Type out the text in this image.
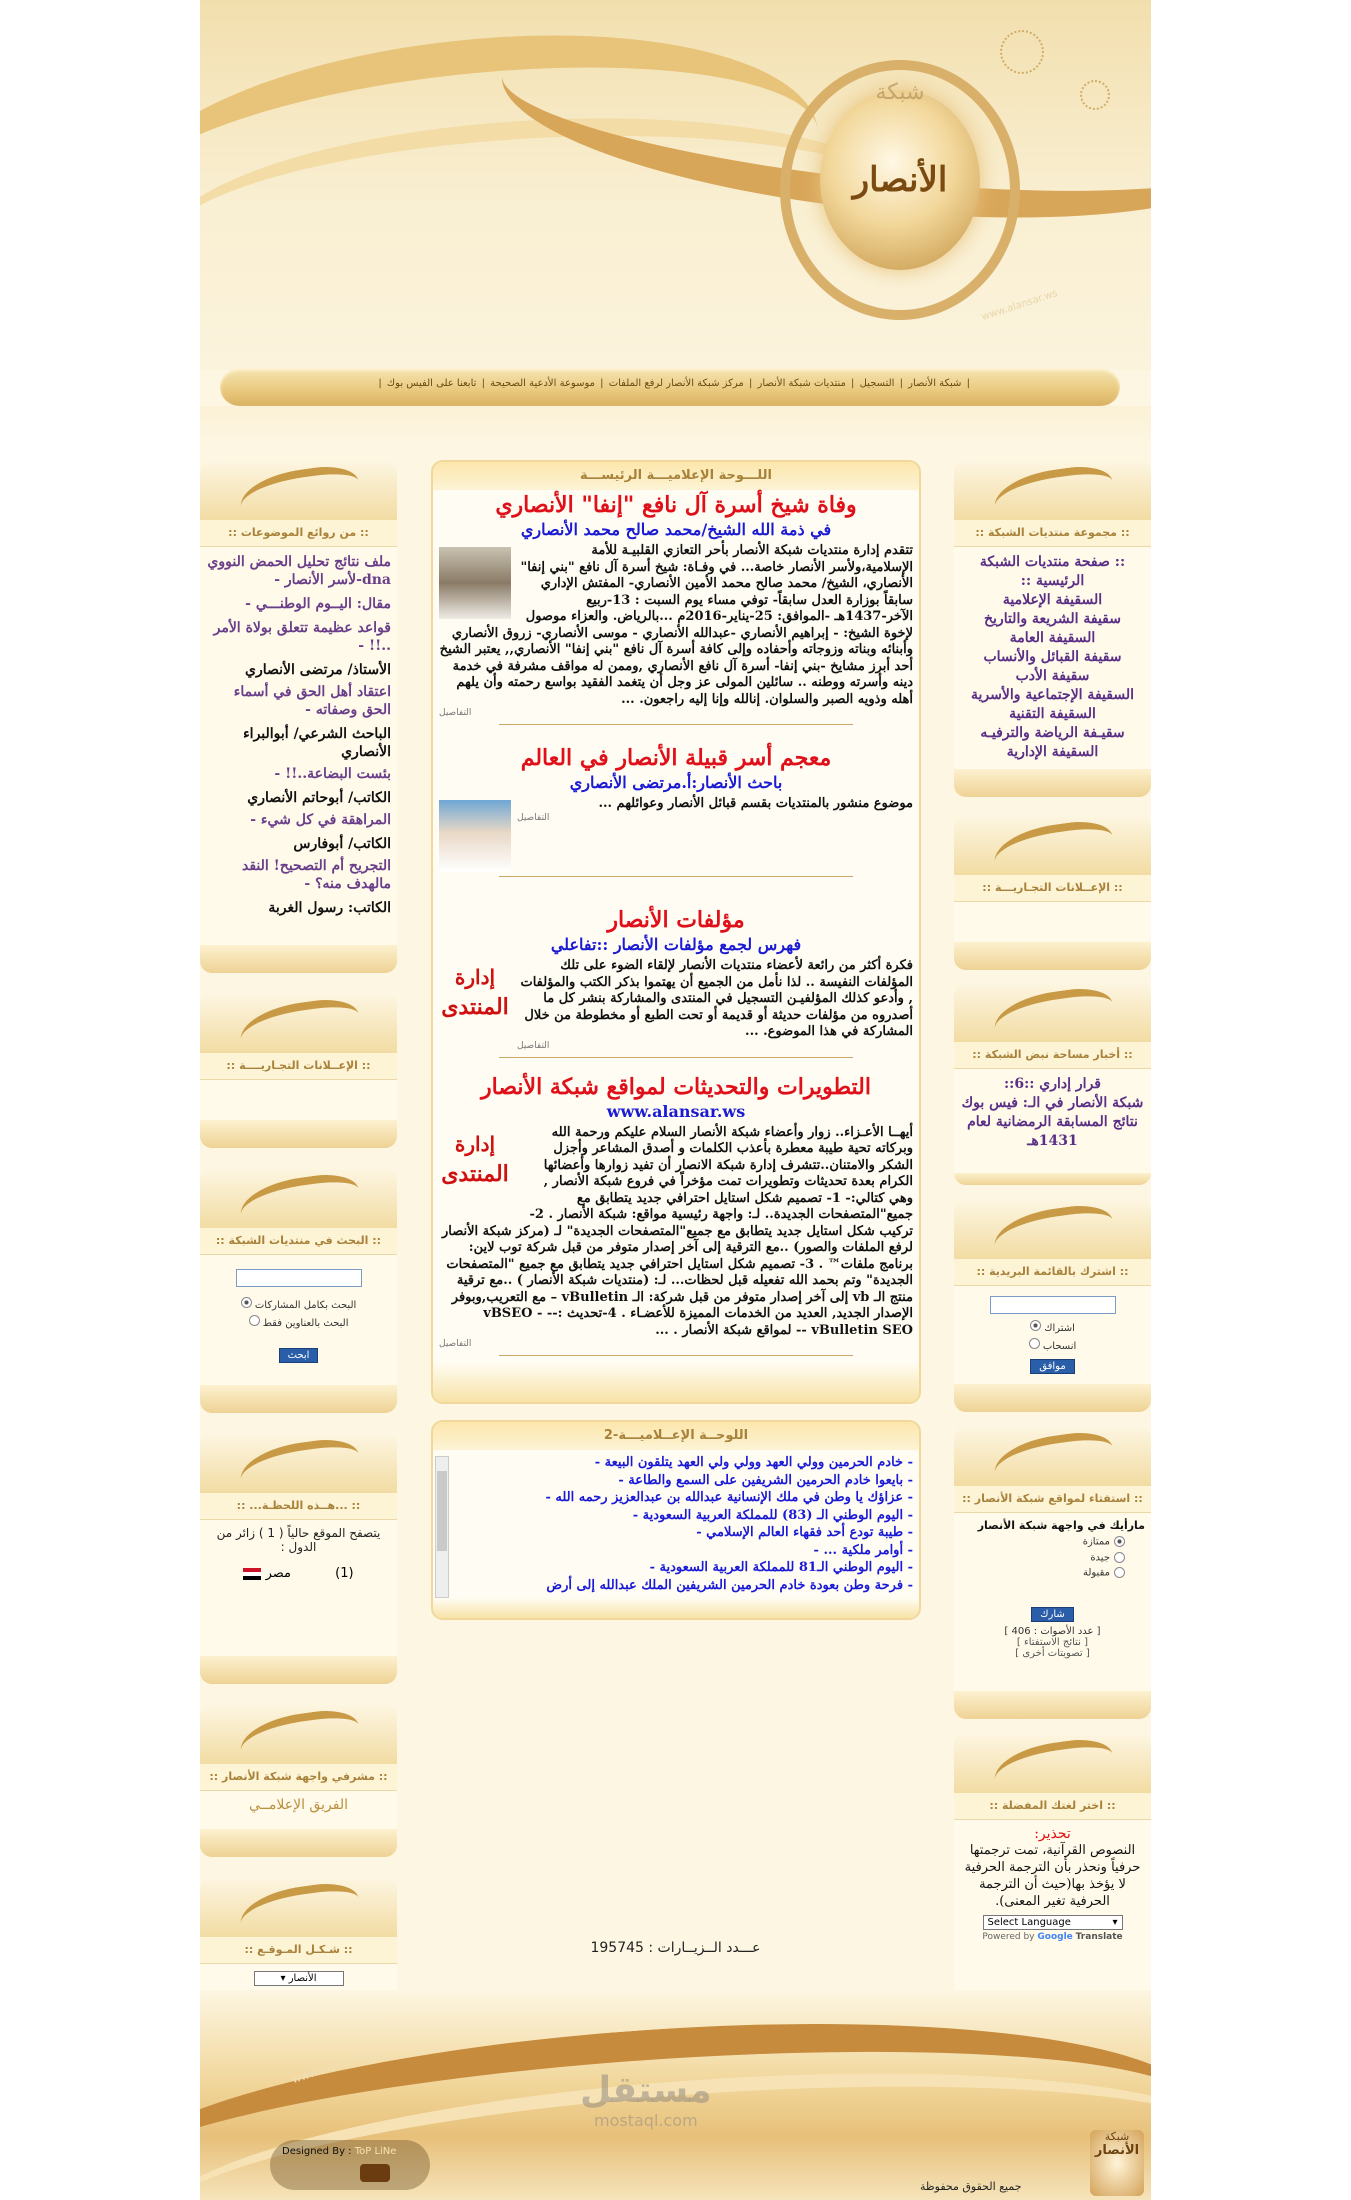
شبكة
الأنصار
www.alansar.ws
| شبكة الأنصار | التسجيل | منتديات شبكة الأنصار | مركز شبكة الأنصار لرفع الملفات | موسوعة الأدعية الصحيحة | تابعنا على الفيس بوك |
:: من روائع الموضوعات ::
ملف نتائج تحليل الحمض النووي dna-لأسر الأنصار -
مقال: اليــوم الوطنـــي -
قواعد عظيمة تتعلق بولاة الأمر ..!! -
الأستاذ/ مرتضى الأنصاري
اعتقاد أهل الحق في أسماء الحق وصفاته -
الباحث الشرعي/ أبوالبراء الأنصاري
بئست البضاعة..!! -
الكاتب/ أبوحاتم الأنصاري
المراهقة في كل شيء -
الكاتب/ أبوفارس
التجريح أم التصحيح! النقد مالهدف منه؟ -
الكاتب: رسول الغربة
:: الإعــلانات التجـاريــــة ::
:: البحث في منتديات الشبكة ::
البحث بكامل المشاركات
البحث بالعناوين فقط
ابحث
:: ...هــذه اللحظـة... ::
يتصفح الموقع حالياً ( 1 ) زائر من الدول :
(1) مصر
:: مشرفي واجهة شبكة الأنصار ::
الفريق الإعلامــي
:: شـكـل المـوقـع ::
الأنصار ▾
اللـــوحة الإعلاميـــة الرئيســـة
وفاة شيخ أسرة آل نافع "إنفا" الأنصاري
في ذمة الله الشيخ/محمد صالح محمد الأنصاري

تتقدم إدارة منتديات شبكة الأنصار بأحر التعازي القلبيـة للأمة الإسلامية،ولأسر الأنصار خاصة... في وفـاة: شيخ أسرة آل نافع "بني إنفا" الأنصاري، الشيخ/ محمد صالح محمد الأمين الأنصاري- المفتش الإداري سابقاً بوزارة العدل سابقاً- توفي مساء يوم السبت : 13-ربيع الآخر-1437هـ -الموافق: 25-يناير-2016م ...بالرياض. والعزاء موصول لإخوة الشيخ: - إبراهيم الأنصاري -عبدالله الأنصاري - موسى الأنصاري- زروق الأنصاري وأبنائه وبناته وزوجاته وأحفاده وإلى كافة أسرة آل نافع "بني إنفا" الأنصاري,, يعتبر الشيخ أحد أبرز مشايخ -بني إنفا- أسرة آل نافع الأنصاري ,وممن له مواقف مشرفة في خدمة دينه وأسرته ووطنه .. سائلين المولى عز وجل أن يتغمد الفقيد بواسع رحمته وأن يلهم أهله وذويه الصبر والسلوان. إنالله وإنا إليه راجعون. ...

التفاصيل
معجم أسر قبيلة الأنصار في العالم
باحث الأنصار:أ.مرتضى الأنصاري

موضوع منشور بالمنتديات بقسم قبائل الأنصار وعوائلهم ...

التفاصيل
مؤلفات الأنصار
فهرس لجمع مؤلفات الأنصار ::تفاعلي
إدارة
المنتدى

فكرة أكثر من رائعة لأعضاء منتديات الأنصار لإلقاء الضوء على تلك المؤلفات النفيسة .. لذا نأمل من الجميع أن يهتموا بذكر الكتب والمؤلفات , وأدعو كذلك المؤلفيـن التسجيل في المنتدى والمشاركة بنشر كل ما أصدروه من مؤلفات حديثة أو قديمة أو تحت الطبع أو مخطوطة من خلال المشاركة في هذا الموضوع. ...

التفاصيل
التطويرات والتحديثات لمواقع شبكة الأنصار
www.alansar.ws
إدارة
المنتدى

أيهــا الأعـزاء.. زوار وأعضاء شبكة الأنصار السلام عليكم ورحمة الله وبركاته تحية طيبة معطرة بأعذب الكلمات و أصدق المشاعر وأجزل الشكر والامتنان..تتشرف إدارة شبكة الانصار أن تفيد زوارها وأعضائها الكرام بعدة تحديثات وتطويرات تمت مؤخراً في فروع شبكة الأنصار , وهي كتالي:- 1- تصميم شكل استايل احترافي جديد يتطابق مع جميع"المتصفحات الجديدة.. لـ: واجهة رئيسية مواقع: شبكة الأنصار . 2- تركيب شكل استايل جديد يتطابق مع جميع"المتصفحات الجديدة" لـ (مركز شبكة الأنصار لرفع الملفات والصور) ..مع الترقية إلى آخر إصدار متوفر من قبل شركة توب لاين: برنامج ملفات™ . 3- تصميم شكل استايل احترافي جديد يتطابق مع جميع "المتصفحات الجديدة" وتم بحمد الله تفعيله قبل لحظات... لـ: (منتديات شبكة الأنصار ) ..مع ترقية منتج الـ vb إلى آخر إصدار متوفر من قبل شركة: الـ vBulletin – مع التعريب,وبوفر الإصدار الجديد, العديد من الخدمات المميزة للأعضـاء . 4-تحديث :-- vBSEO - vBulletin SEO -- لمواقع شبكة الأنصار . ...

التفاصيل
اللوحــة الإعــلاميـــة-2
- خادم الحرمين وولي العهد وولي ولي العهد يتلقون البيعة -
- بايعوا خادم الحرمين الشريفين على السمع والطاعة -
- عزاؤك يا وطن في ملك الإنسانية عبدالله بن عبدالعزيز رحمه الله -
- اليوم الوطني الـ (83) للمملكة العربية السعودية -
- طيبة تودع أحد فقهاء العالم الإسلامي -
- أوامر ملكية ... -
- اليوم الوطني الـ81 للمملكة العربية السعودية -
- فرحة وطن بعودة خادم الحرمين الشريفين الملك عبدالله إلى أرض
:: مجموعة منتديات الشبكة ::
:: صفحة منتديات الشبكة الرئيسية ::
السقيفة الإعلامية
سقيفة الشريعة والتاريخ
السقيفة العامة
سقيفة القبائل والأنساب
سقيفة الأدب
السقيفة الإجتماعية والأسرية
السقيفة التقنية
سقيـفة الرياضة والترفيـه
السقيفة الإدارية
:: الإعــلانات التجـاريـــة ::
:: أخبار مساحة نبض الشبكة ::
قرار إداري ::6::
شبكة الأنصار في الـ: فيس بوك
نتائج المسابقة الرمضانية لعام 1431هـ
:: اشترك بالقائمة البريدية ::
اشتراك
انسحاب
موافق
:: استفتاء لمواقع شبكة الأنصار ::
مارأيك في واجهة شبكة الأنصار
ممتازة
جيدة
مقبولة
شارك
[ عدد الأصوات : 406 ]
[ نتائج الاستفتاء ]
[ تصويتات أخرى ]
:: اختر لغتك المفضلة ::
تحذير:
النصوص القرآنية، تمت ترجمتها حرفياً ونحذر بأن الترجمة الحرفية لا يؤخذ بها(حيث أن الترجمة الحرفية تغير المعنى).
Select Language	▾
Powered by Google Translate
عـــدد الــزيــارات : 195745
www.alansar.ws
مستقل
mostaql.com
Designed By : ToP LiNe
جميع الحقوق محفوظة
شبكة
الأنصار
